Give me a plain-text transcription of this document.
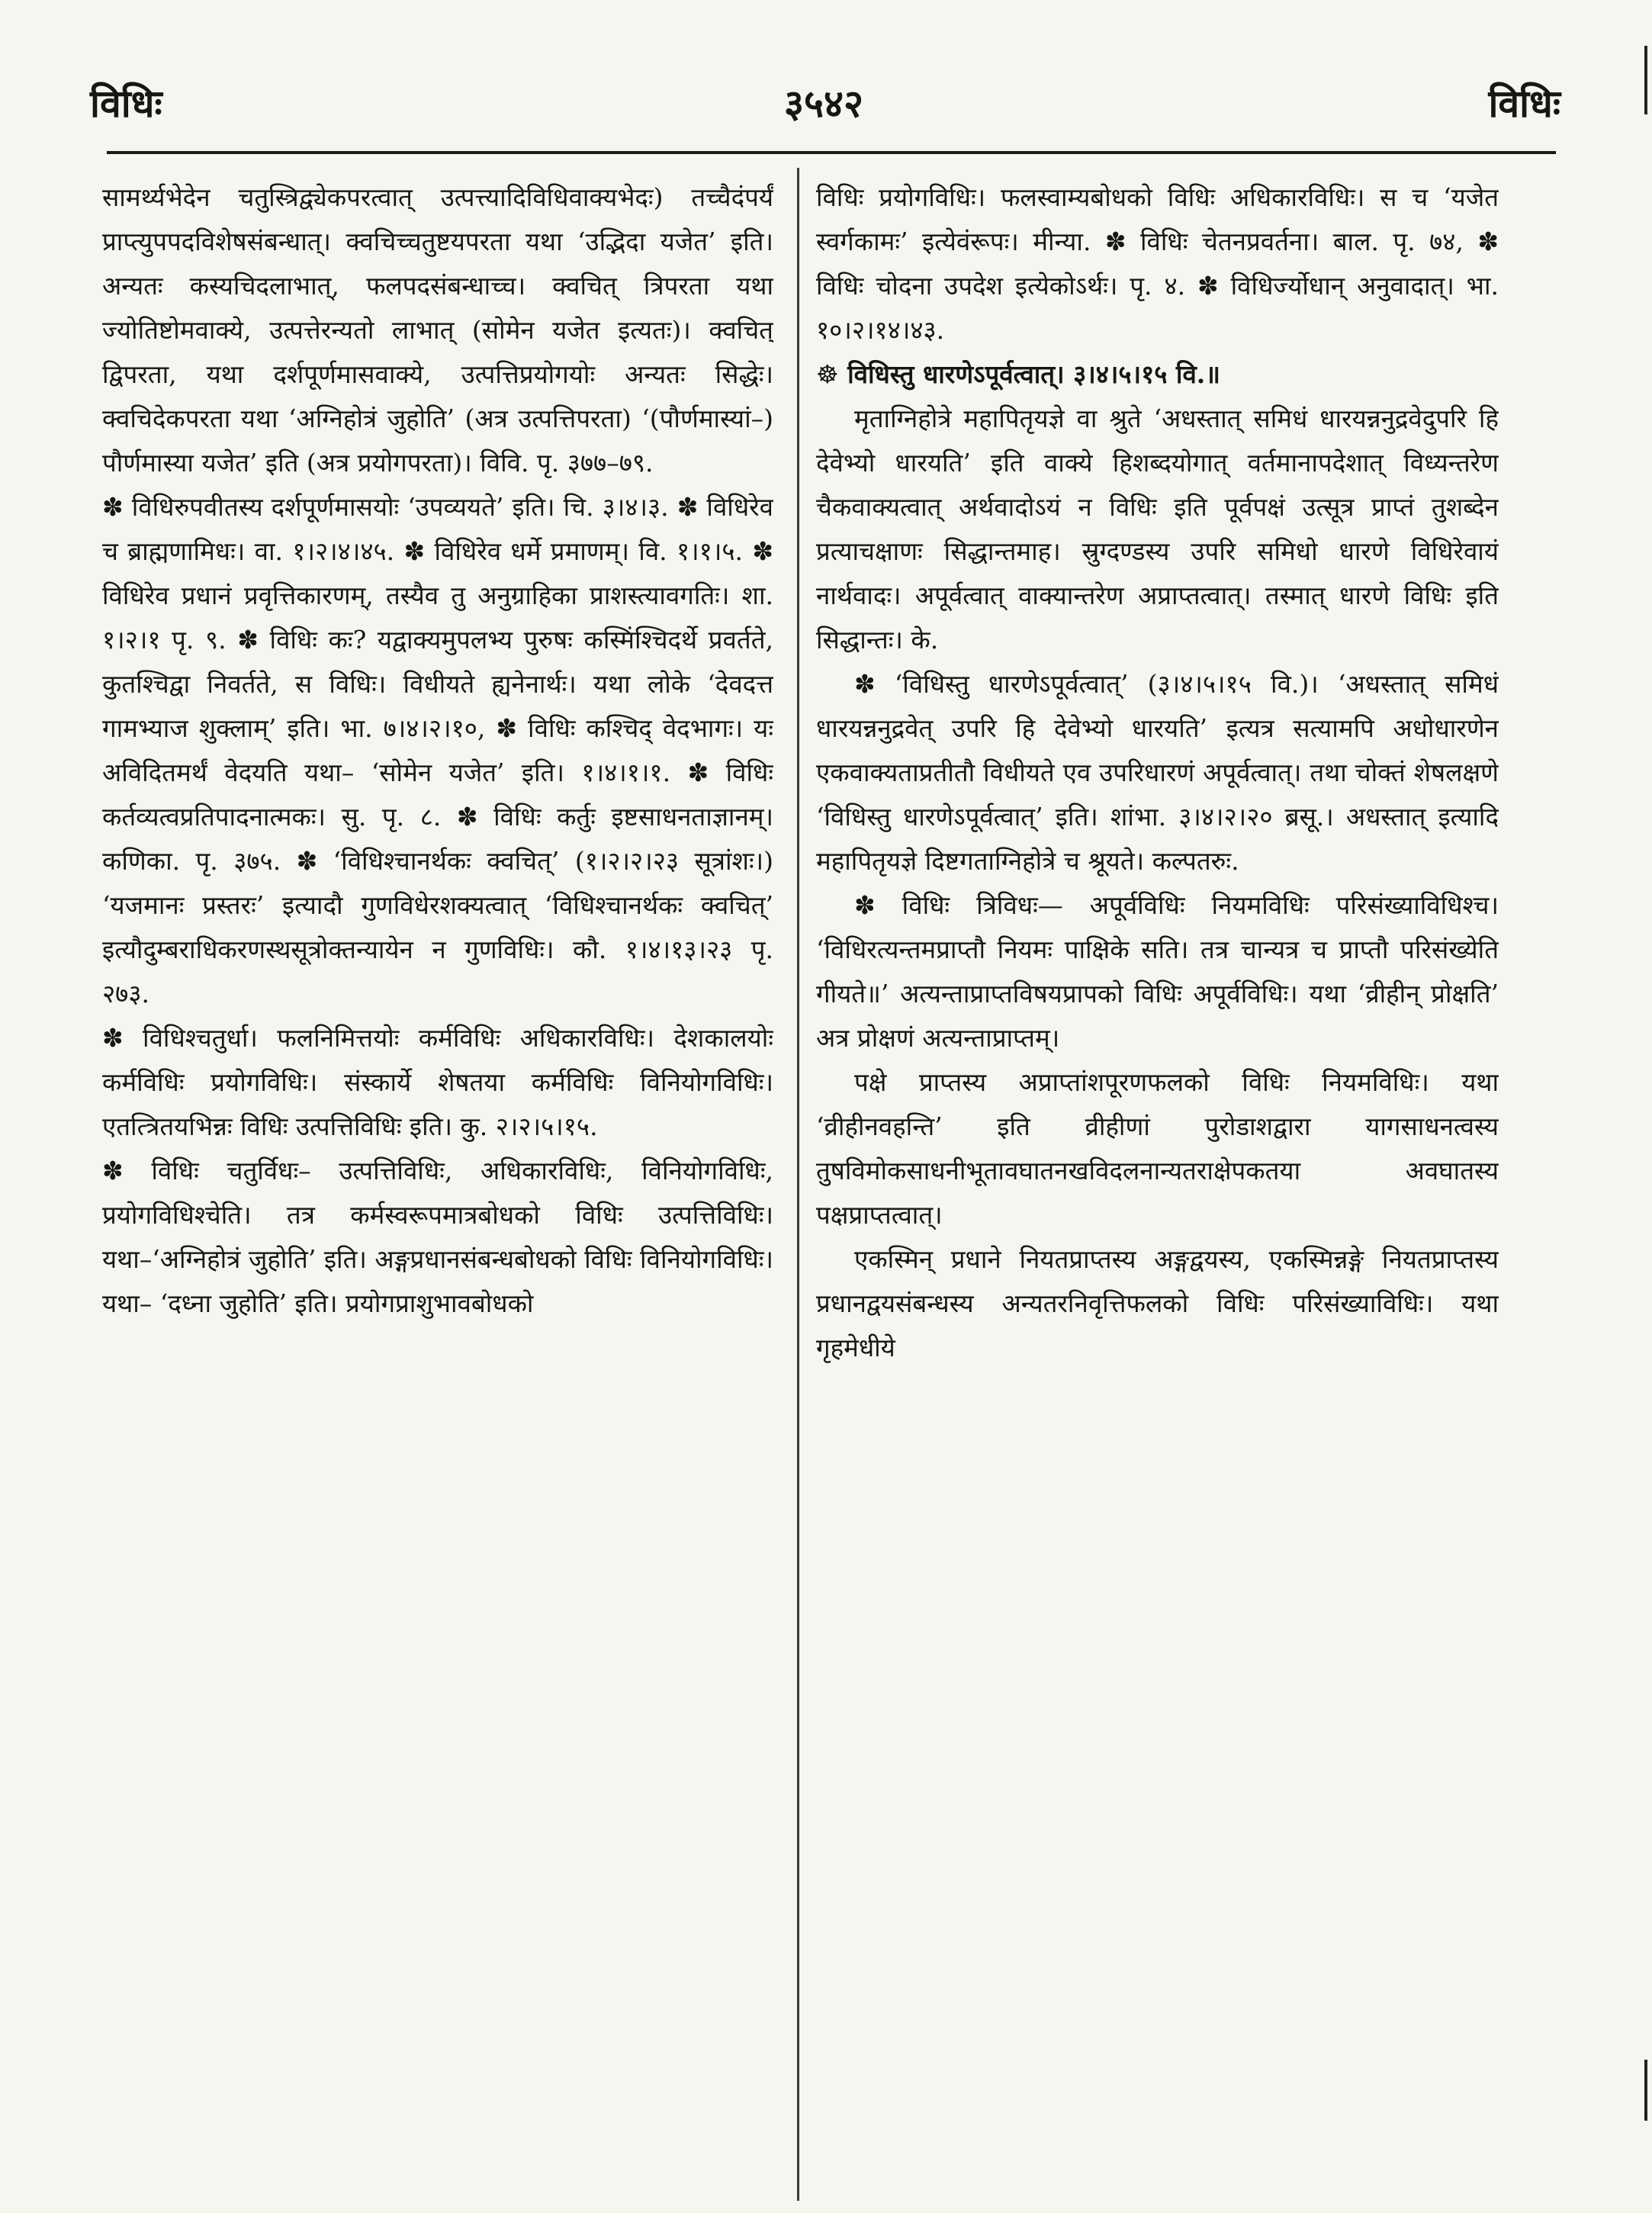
विधिः	३५४२	विधिः

सामर्थ्यभेदेन चतुस्त्रिद्व्येकपरत्वात् उत्पत्त्यादिविधिवाक्यभेदः) तच्चैदंपर्यं प्राप्त्युपपदविशेषसंबन्धात्। क्वचिच्चतुष्टयपरता यथा ‘उद्भिदा यजेत’ इति। अन्यतः कस्यचिदलाभात्, फलपदसंबन्धाच्च। क्वचित् त्रिपरता यथा ज्योतिष्टोमवाक्ये, उत्पत्तेरन्यतो लाभात् (सोमेन यजेत इत्यतः)। क्वचित् द्विपरता, यथा दर्शपूर्णमासवाक्ये, उत्पत्तिप्रयोगयोः अन्यतः सिद्धेः। क्वचिदेकपरता यथा ‘अग्निहोत्रं जुहोति’ (अत्र उत्पत्तिपरता) ‘(पौर्णमास्यां–) पौर्णमास्या यजेत’ इति (अत्र प्रयोगपरता)। विवि. पृ. ३७७–७९.

✽ विधिरुपवीतस्य दर्शपूर्णमासयोः ‘उपव्ययते’ इति। चि. ३।४।३. ✽ विधिरेव च ब्राह्मणामिधः। वा. १।२।४।४५. ✽ विधिरेव धर्मे प्रमाणम्। वि. १।१।५. ✽ विधिरेव प्रधानं प्रवृत्तिकारणम्, तस्यैव तु अनुग्राहिका प्राशस्त्यावगतिः। शा. १।२।१ पृ. ९. ✽ विधिः कः? यद्वाक्यमुपलभ्य पुरुषः कस्मिंश्चिदर्थे प्रवर्तते, कुतश्चिद्वा निवर्तते, स विधिः। विधीयते ह्यनेनार्थः। यथा लोके ‘देवदत्त गामभ्याज शुक्लाम्’ इति। भा. ७।४।२।१०, ✽ विधिः कश्चिद् वेदभागः। यः अविदितमर्थं वेदयति यथा– ‘सोमेन यजेत’ इति। १।४।१।१. ✽ विधिः कर्तव्यत्वप्रतिपादनात्मकः। सु. पृ. ८. ✽ विधिः कर्तुः इष्टसाधनताज्ञानम्। कणिका. पृ. ३७५. ✽ ‘विधिश्चानर्थकः क्वचित्’ (१।२।२।२३ सूत्रांशः।) ‘यजमानः प्रस्तरः’ इत्यादौ गुणविधेरशक्यत्वात् ‘विधिश्चानर्थकः क्वचित्’ इत्यौदुम्बराधिकरणस्थसूत्रोक्तन्यायेन न गुणविधिः। कौ. १।४।१३।२३ पृ. २७३.

✽ विधिश्चतुर्धा। फलनिमित्तयोः कर्मविधिः अधिकारविधिः। देशकालयोः कर्मविधिः प्रयोगविधिः। संस्कार्ये शेषतया कर्मविधिः विनियोगविधिः। एतत्त्रितयभिन्नः विधिः उत्पत्तिविधिः इति। कु. २।२।५।१५.

✽ विधिः चतुर्विधः– उत्पत्तिविधिः, अधिकारविधिः, विनियोगविधिः, प्रयोगविधिश्चेति। तत्र कर्मस्वरूपमात्रबोधको विधिः उत्पत्तिविधिः। यथा–‘अग्निहोत्रं जुहोति’ इति। अङ्गप्रधानसंबन्धबोधको विधिः विनियोगविधिः। यथा– ‘दध्ना जुहोति’ इति। प्रयोगप्राशुभावबोधको

विधिः प्रयोगविधिः। फलस्वाम्यबोधको विधिः अधिकारविधिः। स च ‘यजेत स्वर्गकामः’ इत्येवंरूपः। मीन्या. ✽ विधिः चेतनप्रवर्तना। बाल. पृ. ७४, ✽ विधिः चोदना उपदेश इत्येकोऽर्थः। पृ. ४. ✽ विधिर्ज्योधान् अनुवादात्। भा. १०।२।१४।४३.

☸ विधिस्तु धारणेऽपूर्वत्वात्। ३।४।५।१५ वि.॥

मृताग्निहोत्रे महापितृयज्ञे वा श्रुते ‘अधस्तात् समिधं धारयन्ननुद्रवेदुपरि हि देवेभ्यो धारयति’ इति वाक्ये हिशब्दयोगात् वर्तमानापदेशात् विध्यन्तरेण चैकवाक्यत्वात् अर्थवादोऽयं न विधिः इति पूर्वपक्षं उत्सूत्र प्राप्तं तुशब्देन प्रत्याचक्षाणः सिद्धान्तमाह। स्रुग्दण्डस्य उपरि समिधो धारणे विधिरेवायं नार्थवादः। अपूर्वत्वात् वाक्यान्तरेण अप्राप्तत्वात्। तस्मात् धारणे विधिः इति सिद्धान्तः। के.

✽ ‘विधिस्तु धारणेऽपूर्वत्वात्’ (३।४।५।१५ वि.)। ‘अधस्तात् समिधं धारयन्ननुद्रवेत् उपरि हि देवेभ्यो धारयति’ इत्यत्र सत्यामपि अधोधारणेन एकवाक्यताप्रतीतौ विधीयते एव उपरिधारणं अपूर्वत्वात्। तथा चोक्तं शेषलक्षणे ‘विधिस्तु धारणेऽपूर्वत्वात्’ इति। शांभा. ३।४।२।२० ब्रसू.। अधस्तात् इत्यादि महापितृयज्ञे दिष्टगताग्निहोत्रे च श्रूयते। कल्पतरुः.

✽ विधिः त्रिविधः— अपूर्वविधिः नियमविधिः परिसंख्याविधिश्च। ‘विधिरत्यन्तमप्राप्तौ नियमः पाक्षिके सति। तत्र चान्यत्र च प्राप्तौ परिसंख्येति गीयते॥’ अत्यन्ताप्राप्तविषयप्रापको विधिः अपूर्वविधिः। यथा ‘व्रीहीन् प्रोक्षति’ अत्र प्रोक्षणं अत्यन्ताप्राप्तम्।

पक्षे प्राप्तस्य अप्राप्तांशपूरणफलको विधिः नियमविधिः। यथा ‘व्रीहीनवहन्ति’ इति व्रीहीणां पुरोडाशद्वारा यागसाधनत्वस्य तुषविमोकसाधनीभूतावघातनखविदलनान्यतराक्षेपकतया अवघातस्य पक्षप्राप्तत्वात्।

एकस्मिन् प्रधाने नियतप्राप्तस्य अङ्गद्वयस्य, एकस्मिन्नङ्गे नियतप्राप्तस्य प्रधानद्वयसंबन्धस्य अन्यतरनिवृत्तिफलको विधिः परिसंख्याविधिः। यथा गृहमेधीये
